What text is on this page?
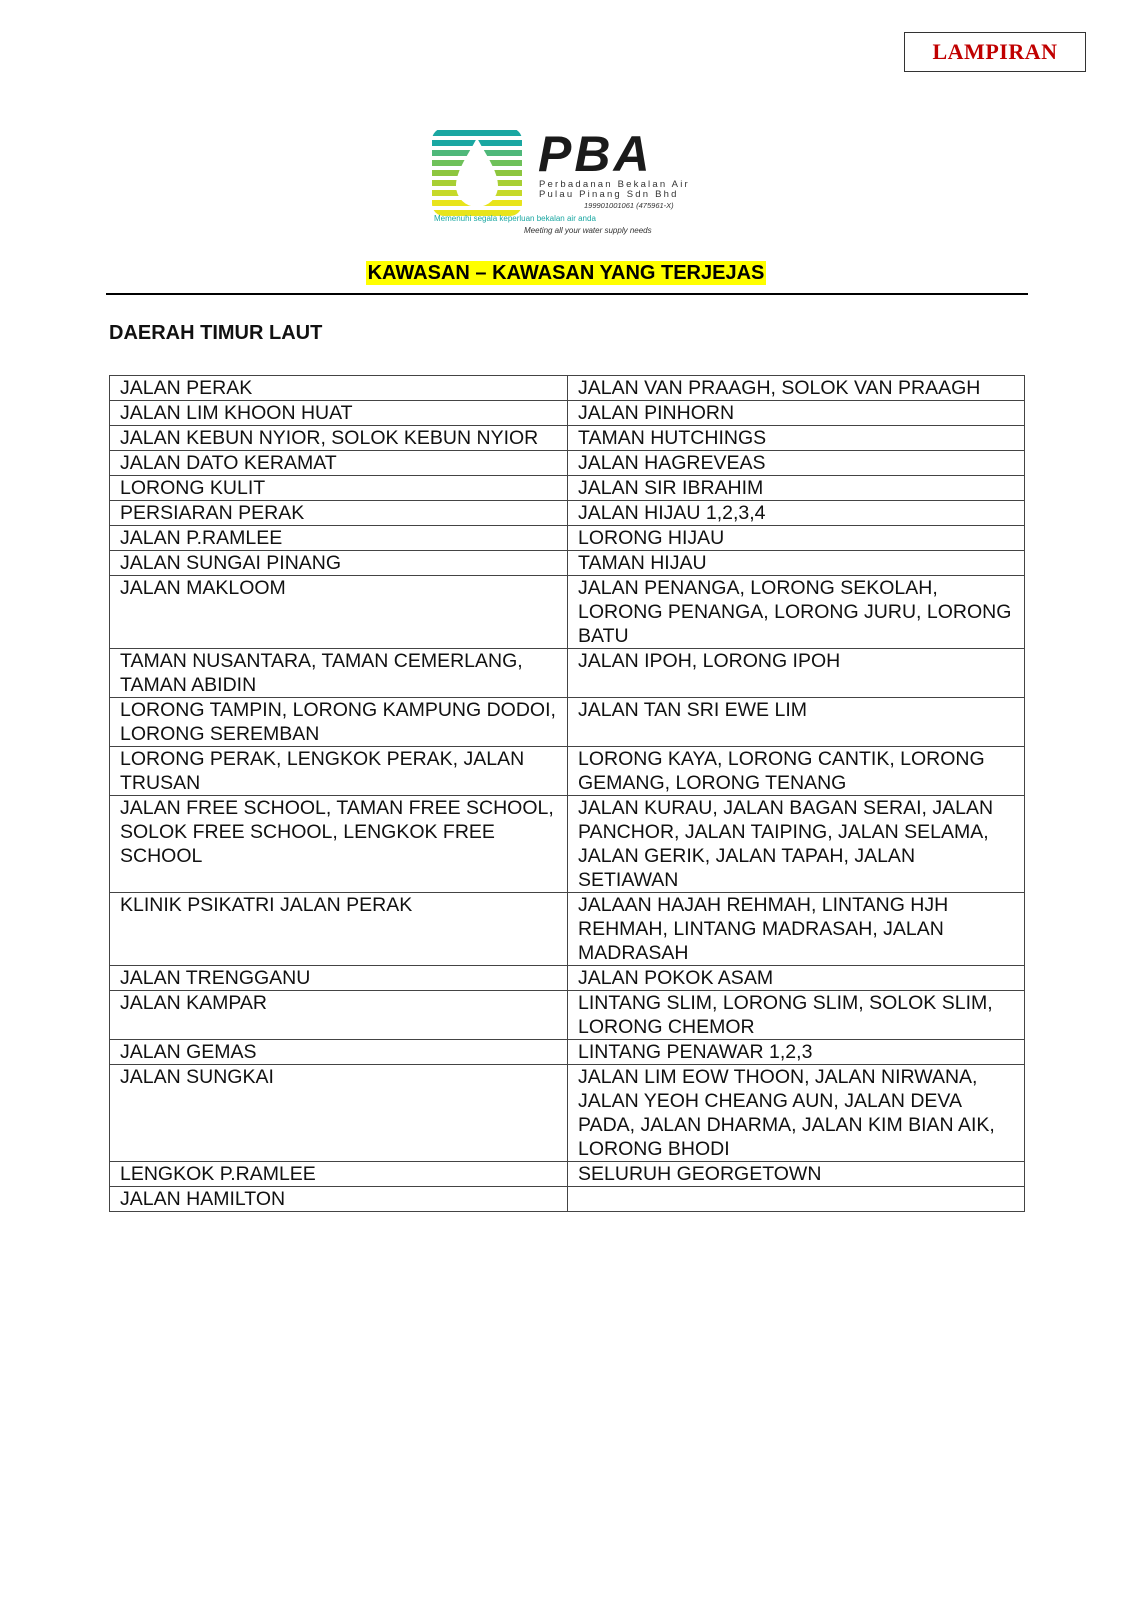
LAMPIRAN
PBA
Perbadanan Bekalan Air
Pulau Pinang Sdn Bhd
199901001061 (475961-X)
Memenuhi segala keperluan bekalan air anda
Meeting all your water supply needs
KAWASAN – KAWASAN YANG TERJEJAS
DAERAH TIMUR LAUT
JALAN PERAK	JALAN VAN PRAAGH, SOLOK VAN PRAAGH
JALAN LIM KHOON HUAT	JALAN PINHORN
JALAN KEBUN NYIOR, SOLOK KEBUN NYIOR	TAMAN HUTCHINGS
JALAN DATO KERAMAT	JALAN HAGREVEAS
LORONG KULIT	JALAN SIR IBRAHIM
PERSIARAN PERAK	JALAN HIJAU 1,2,3,4
JALAN P.RAMLEE	LORONG HIJAU
JALAN SUNGAI PINANG	TAMAN HIJAU
JALAN MAKLOOM	JALAN PENANGA, LORONG SEKOLAH, LORONG PENANGA, LORONG JURU, LORONG BATU
TAMAN NUSANTARA, TAMAN CEMERLANG, TAMAN ABIDIN	JALAN IPOH, LORONG IPOH
LORONG TAMPIN, LORONG KAMPUNG DODOI, LORONG SEREMBAN	JALAN TAN SRI EWE LIM
LORONG PERAK, LENGKOK PERAK, JALAN TRUSAN	LORONG KAYA, LORONG CANTIK, LORONG GEMANG, LORONG TENANG
JALAN FREE SCHOOL, TAMAN FREE SCHOOL, SOLOK FREE SCHOOL, LENGKOK FREE SCHOOL	JALAN KURAU, JALAN BAGAN SERAI, JALAN PANCHOR, JALAN TAIPING, JALAN SELAMA, JALAN GERIK, JALAN TAPAH, JALAN SETIAWAN
KLINIK PSIKATRI JALAN PERAK	JALAAN HAJAH REHMAH, LINTANG HJH REHMAH, LINTANG MADRASAH, JALAN MADRASAH
JALAN TRENGGANU	JALAN POKOK ASAM
JALAN KAMPAR	LINTANG SLIM, LORONG SLIM, SOLOK SLIM, LORONG CHEMOR
JALAN GEMAS	LINTANG PENAWAR 1,2,3
JALAN SUNGKAI	JALAN LIM EOW THOON, JALAN NIRWANA, JALAN YEOH CHEANG AUN, JALAN DEVA PADA, JALAN DHARMA, JALAN KIM BIAN AIK, LORONG BHODI
LENGKOK P.RAMLEE	SELURUH GEORGETOWN
JALAN HAMILTON	
